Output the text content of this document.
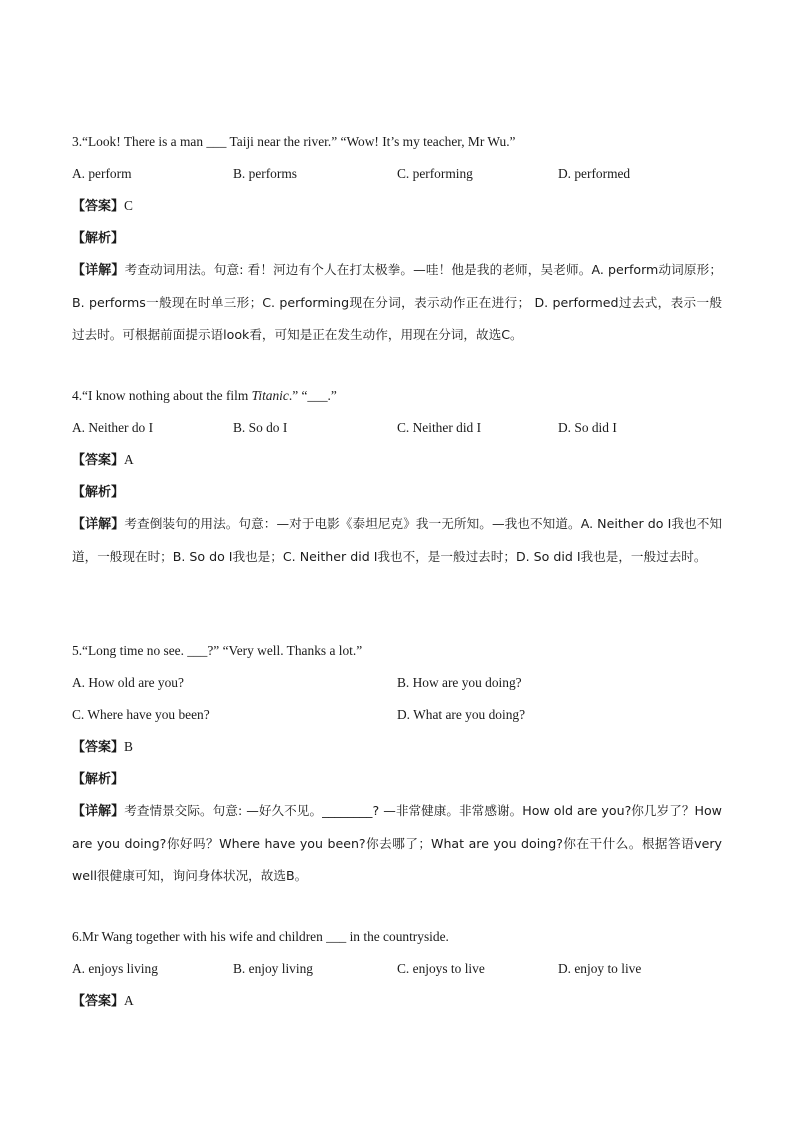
3.“Look! There is a man ___ Taiji near the river.” “Wow! It’s my teacher, Mr Wu.”
A. perform	B. performs	C. performing	D. performed
【答案】C
【解析】
【详解】考查动词用法。句意: 看！河边有个人在打太极拳。—哇！他是我的老师，吴老师。A. perform动词原形； B. performs一般现在时单三形；C. performing现在分词，表示动作正在进行； D. performed过去式，表示一般过去时。可根据前面提示语look看，可知是正在发生动作，用现在分词，故选C。
4.“I know nothing about the film Titanic.” “___.”
A. Neither do I	B. So do I	C. Neither did I	D. So did I
【答案】A
【解析】
【详解】考查倒装句的用法。句意：—对于电影《泰坦尼克》我一无所知。—我也不知道。A. Neither do I我也不知道，一般现在时；B. So do I我也是；C. Neither did I我也不，是一般过去时；D. So did I我也是，一般过去时。
5.“Long time no see. ___?” “Very well. Thanks a lot.”
A. How old are you?	B. How are you doing?
C. Where have you been?	D. What are you doing?
【答案】B
【解析】
【详解】考查情景交际。句意: —好久不见。________? —非常健康。非常感谢。How old are you?你几岁了？How are you doing?你好吗？Where have you been?你去哪了；What are you doing?你在干什么。根据答语very well很健康可知，询问身体状况，故选B。
6.Mr Wang together with his wife and children ___ in the countryside.
A. enjoys living	B. enjoy living	C. enjoys to live	D. enjoy to live
【答案】A
